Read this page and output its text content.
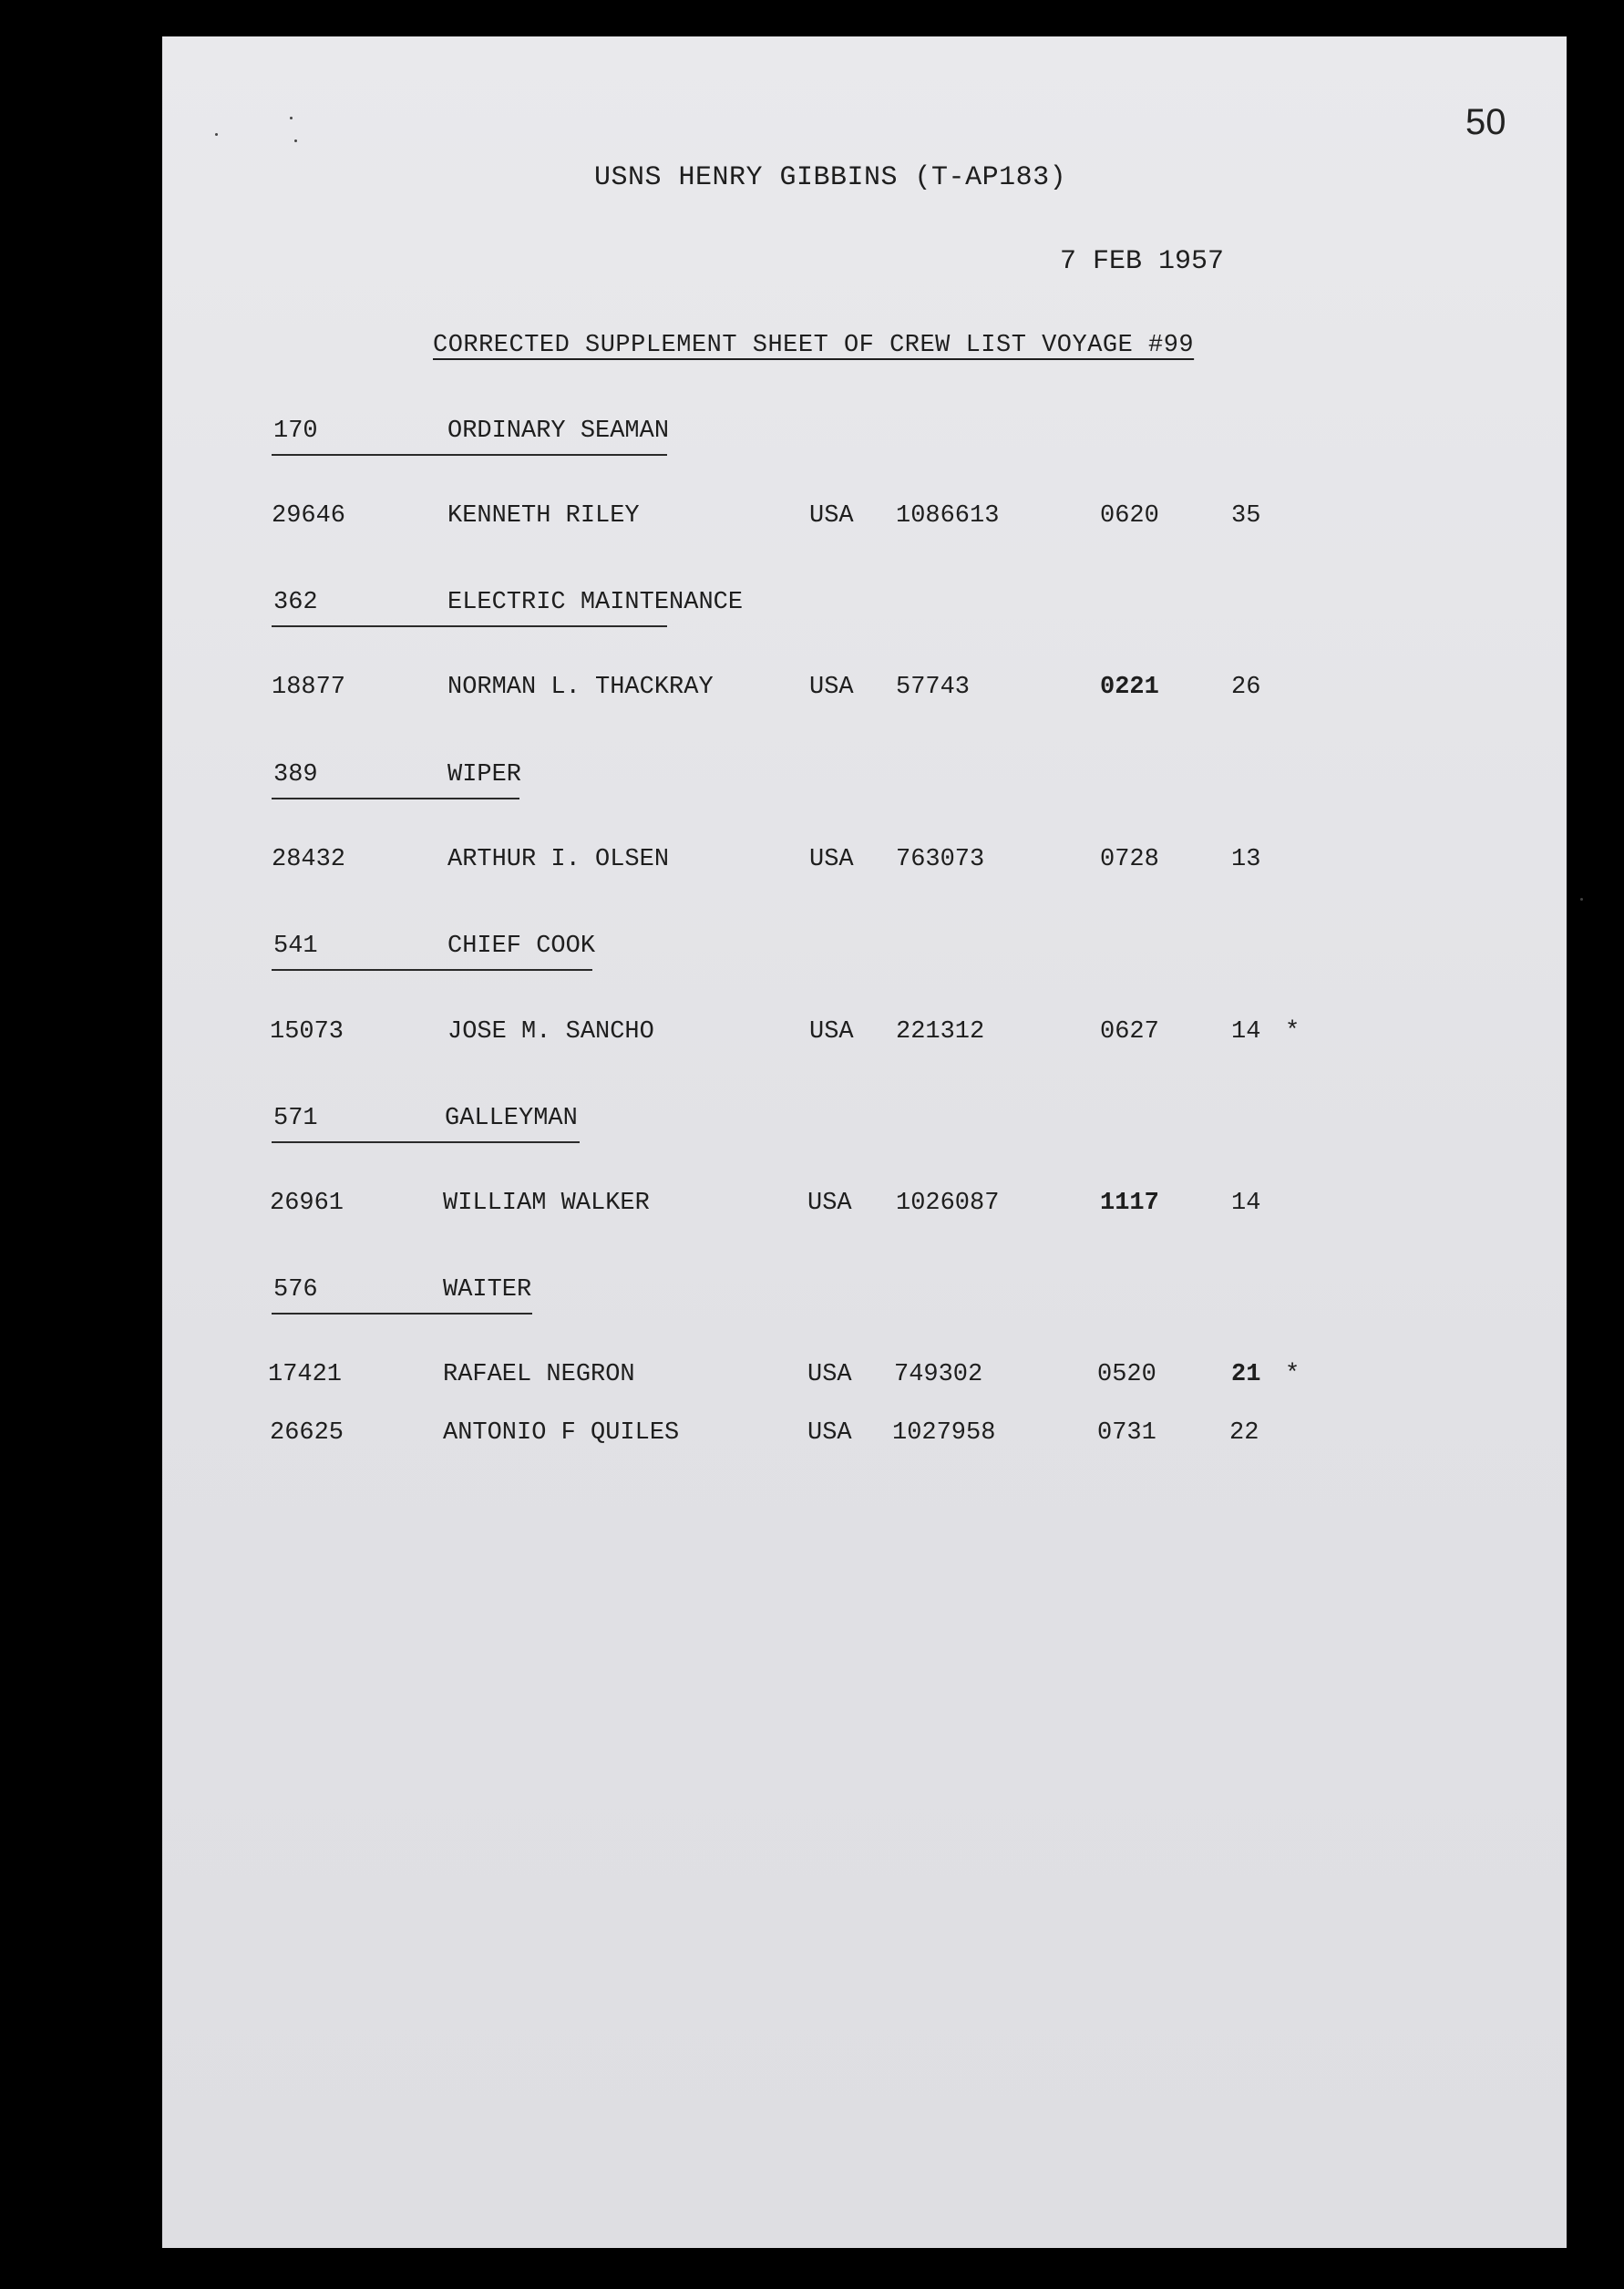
50
USNS HENRY GIBBINS (T-AP183)
7 FEB 1957
CORRECTED SUPPLEMENT SHEET OF CREW LIST VOYAGE #99
170	ORDINARY SEAMAN
29646	KENNETH RILEY	USA 1086613	0620	35
362	ELECTRIC MAINTENANCE
18877	NORMAN L. THACKRAY	USA 57743	0221	26
389	WIPER
28432	ARTHUR I. OLSEN	USA 763073	0728	13
541	CHIEF COOK
15073	JOSE M. SANCHO	USA 221312	0627	14 *
571	GALLEYMAN
26961	WILLIAM WALKER	USA 1026087	1117	14
576	WAITER
17421	RAFAEL NEGRON	USA 749302	0520	21 *
26625	ANTONIO F QUILES	USA 1027958	0731	22
